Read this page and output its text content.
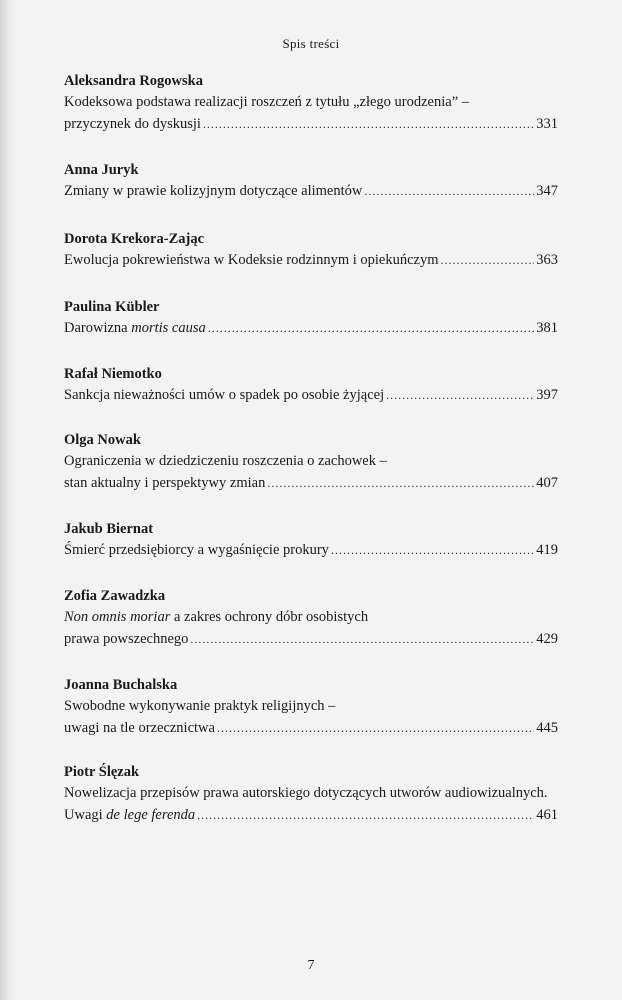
Spis treści
Aleksandra Rogowska
Kodeksowa podstawa realizacji roszczeń z tytułu „złego urodzenia” –
przyczynek do dyskusji .....	331
Anna Juryk
Zmiany w prawie kolizyjnym dotyczące alimentów .....	347
Dorota Krekora-Zając
Ewolucja pokrewieństwa w Kodeksie rodzinnym i opiekuńczym .....	363
Paulina Kübler
Darowizna mortis causa .....	381
Rafał Niemotko
Sankcja nieważności umów o spadek po osobie żyjącej .....	397
Olga Nowak
Ograniczenia w dziedziczeniu roszczenia o zachowek –
stan aktualny i perspektywy zmian .....	407
Jakub Biernat
Śmierć przedsiębiorcy a wygaśnięcie prokury .....	419
Zofia Zawadzka
Non omnis moriar a zakres ochrony dóbr osobistych
prawa powszechnego .....	429
Joanna Buchalska
Swobodne wykonywanie praktyk religijnych –
uwagi na tle orzecznictwa .....	445
Piotr Ślęzak
Nowelizacja przepisów prawa autorskiego dotyczących utworów audiowizualnych.
Uwagi de lege ferenda .....	461
7
